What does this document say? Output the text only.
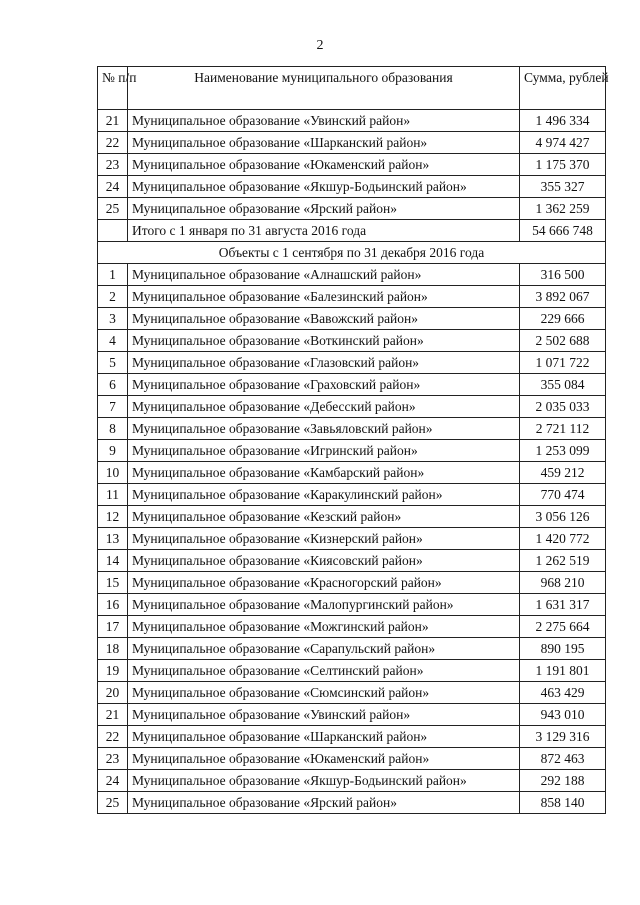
2
№ п/п	Наименование муниципального образования	Сумма, рублей
21	Муниципальное образование «Увинский район»	1 496 334
22	Муниципальное образование «Шарканский район»	4 974 427
23	Муниципальное образование «Юкаменский район»	1 175 370
24	Муниципальное образование «Якшур-Бодьинский район»	355 327
25	Муниципальное образование «Ярский район»	1 362 259
	Итого с 1 января по 31 августа 2016 года	54 666 748
Объекты с 1 сентября по 31 декабря 2016 года		
1	Муниципальное образование «Алнашский район»	316 500
2	Муниципальное образование «Балезинский район»	3 892 067
3	Муниципальное образование «Вавожский район»	229 666
4	Муниципальное образование «Воткинский район»	2 502 688
5	Муниципальное образование «Глазовский район»	1 071 722
6	Муниципальное образование «Граховский район»	355 084
7	Муниципальное образование «Дебесский район»	2 035 033
8	Муниципальное образование «Завьяловский район»	2 721 112
9	Муниципальное образование «Игринский район»	1 253 099
10	Муниципальное образование «Камбарский район»	459 212
11	Муниципальное образование «Каракулинский район»	770 474
12	Муниципальное образование «Кезский район»	3 056 126
13	Муниципальное образование «Кизнерский район»	1 420 772
14	Муниципальное образование «Киясовский район»	1 262 519
15	Муниципальное образование «Красногорский район»	968 210
16	Муниципальное образование «Малопургинский район»	1 631 317
17	Муниципальное образование «Можгинский район»	2 275 664
18	Муниципальное образование «Сарапульский район»	890 195
19	Муниципальное образование «Селтинский район»	1 191 801
20	Муниципальное образование «Сюмсинский район»	463 429
21	Муниципальное образование «Увинский район»	943 010
22	Муниципальное образование «Шарканский район»	3 129 316
23	Муниципальное образование «Юкаменский район»	872 463
24	Муниципальное образование «Якшур-Бодьинский район»	292 188
25	Муниципальное образование «Ярский район»	858 140
